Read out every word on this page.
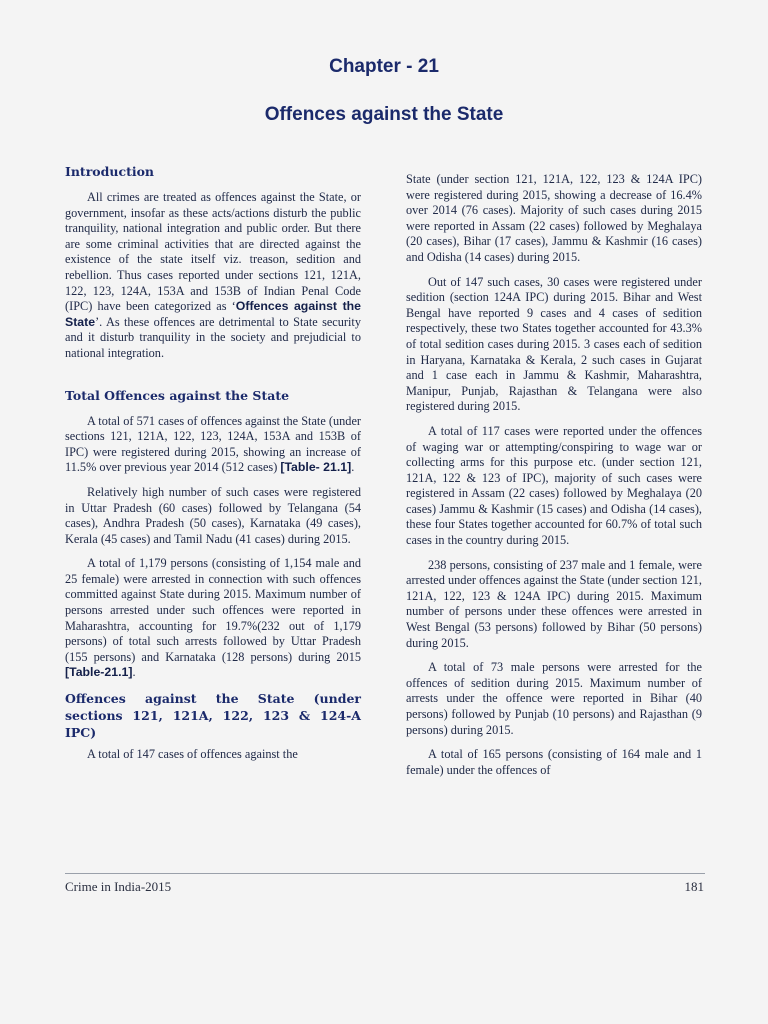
Chapter - 21
Offences against the State
Introduction

All crimes are treated as offences against the State, or government, insofar as these acts/actions disturb the public tranquility, national integration and public order. But there are some criminal activities that are directed against the existence of the state itself viz. treason, sedition and rebellion. Thus cases reported under sections 121, 121A, 122, 123, 124A, 153A and 153B of Indian Penal Code (IPC) have been categorized as ‘Offences against the State’. As these offences are detrimental to State security and it disturb tranquility in the society and prejudicial to national integration.

Total Offences against the State

A total of 571 cases of offences against the State (under sections 121, 121A, 122, 123, 124A, 153A and 153B of IPC) were registered during 2015, showing an increase of 11.5% over previous year 2014 (512 cases) [Table- 21.1].

Relatively high number of such cases were registered in Uttar Pradesh (60 cases) followed by Telangana (54 cases), Andhra Pradesh (50 cases), Karnataka (49 cases), Kerala (45 cases) and Tamil Nadu (41 cases) during 2015.

A total of 1,179 persons (consisting of 1,154 male and 25 female) were arrested in connection with such offences committed against State during 2015. Maximum number of persons arrested under such offences were reported in Maharashtra, accounting for 19.7%(232 out of 1,179 persons) of total such arrests followed by Uttar Pradesh (155 persons) and Karnataka (128 persons) during 2015 [Table-21.1].

Offences against the State (under sections 121, 121A, 122, 123 & 124-A IPC)

A total of 147 cases of offences against the

State (under section 121, 121A, 122, 123 & 124A IPC) were registered during 2015, showing a decrease of 16.4% over 2014 (76 cases). Majority of such cases during 2015 were reported in Assam (22 cases) followed by Meghalaya (20 cases), Bihar (17 cases), Jammu & Kashmir (16 cases) and Odisha (14 cases) during 2015.

Out of 147 such cases, 30 cases were registered under sedition (section 124A IPC) during 2015. Bihar and West Bengal have reported 9 cases and 4 cases of sedition respectively, these two States together accounted for 43.3% of total sedition cases during 2015. 3 cases each of sedition in Haryana, Karnataka & Kerala, 2 such cases in Gujarat and 1 case each in Jammu & Kashmir, Maharashtra, Manipur, Punjab, Rajasthan & Telangana were also registered during 2015.

A total of 117 cases were reported under the offences of waging war or attempting/conspiring to wage war or collecting arms for this purpose etc. (under section 121, 121A, 122 & 123 of IPC), majority of such cases were registered in Assam (22 cases) followed by Meghalaya (20 cases) Jammu & Kashmir (15 cases) and Odisha (14 cases), these four States together accounted for 60.7% of total such cases in the country during 2015.

238 persons, consisting of 237 male and 1 female, were arrested under offences against the State (under section 121, 121A, 122, 123 & 124A IPC) during 2015. Maximum number of persons under these offences were arrested in West Bengal (53 persons) followed by Bihar (50 persons) during 2015.

A total of 73 male persons were arrested for the offences of sedition during 2015. Maximum number of arrests under the offence were reported in Bihar (40 persons) followed by Punjab (10 persons) and Rajasthan (9 persons) during 2015.

A total of 165 persons (consisting of 164 male and 1 female) under the offences of

Crime in India-2015	181
